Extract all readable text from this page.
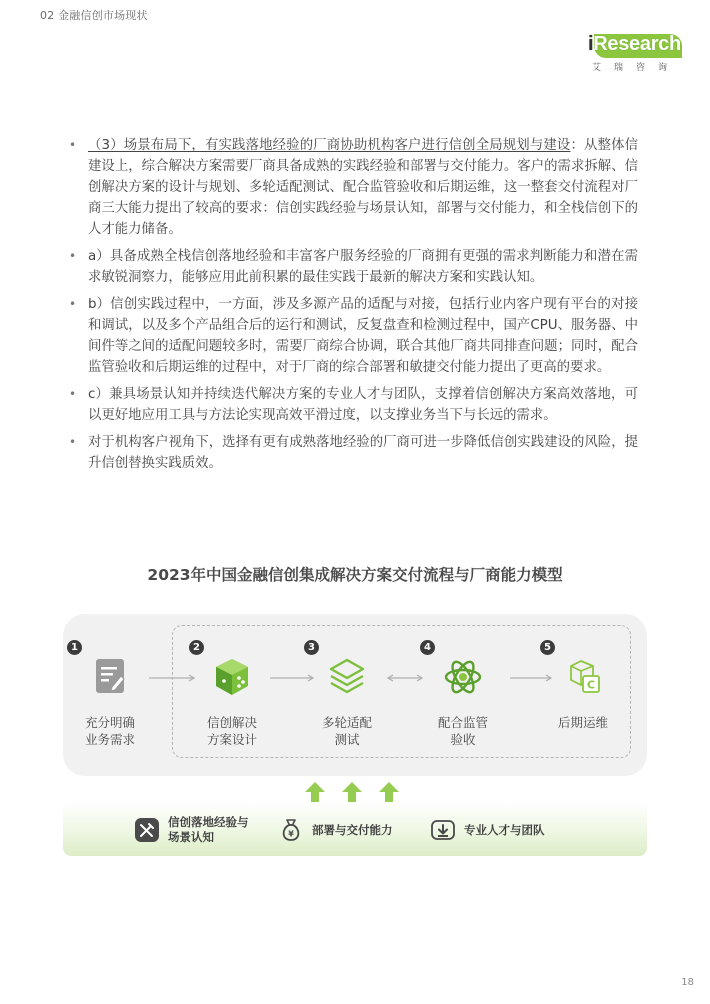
02 金融信创市场现状
iResearch
艾瑞咨询
• （3）场景布局下，有实践落地经验的厂商协助机构客户进行信创全局规划与建设：从整体信建设上，综合解决方案需要厂商具备成熟的实践经验和部署与交付能力。客户的需求拆解、信创解决方案的设计与规划、多轮适配测试、配合监管验收和后期运维，这一整套交付流程对厂商三大能力提出了较高的要求：信创实践经验与场景认知，部署与交付能力，和全栈信创下的人才能力储备。
• a）具备成熟全栈信创落地经验和丰富客户服务经验的厂商拥有更强的需求判断能力和潜在需求敏锐洞察力，能够应用此前积累的最佳实践于最新的解决方案和实践认知。
• b）信创实践过程中，一方面，涉及多源产品的适配与对接，包括行业内客户现有平台的对接和调试，以及多个产品组合后的运行和测试，反复盘查和检测过程中，国产CPU、服务器、中间件等之间的适配问题较多时，需要厂商综合协调，联合其他厂商共同排查问题；同时，配合监管验收和后期运维的过程中，对于厂商的综合部署和敏捷交付能力提出了更高的要求。
• c）兼具场景认知并持续迭代解决方案的专业人才与团队，支撑着信创解决方案高效落地，可以更好地应用工具与方法论实现高效平滑过度，以支撑业务当下与长远的需求。
• 对于机构客户视角下，选择有更有成熟落地经验的厂商可进一步降低信创实践建设的风险，提升信创替换实践质效。
2023年中国金融信创集成解决方案交付流程与厂商能力模型
1
充分明确
业务需求
2
信创解决
方案设计
3
多轮适配
测试
4
配合监管
验收
5
C
后期运维
信创落地经验与
场景认知	¥ 部署与交付能力	专业人才与团队
18
